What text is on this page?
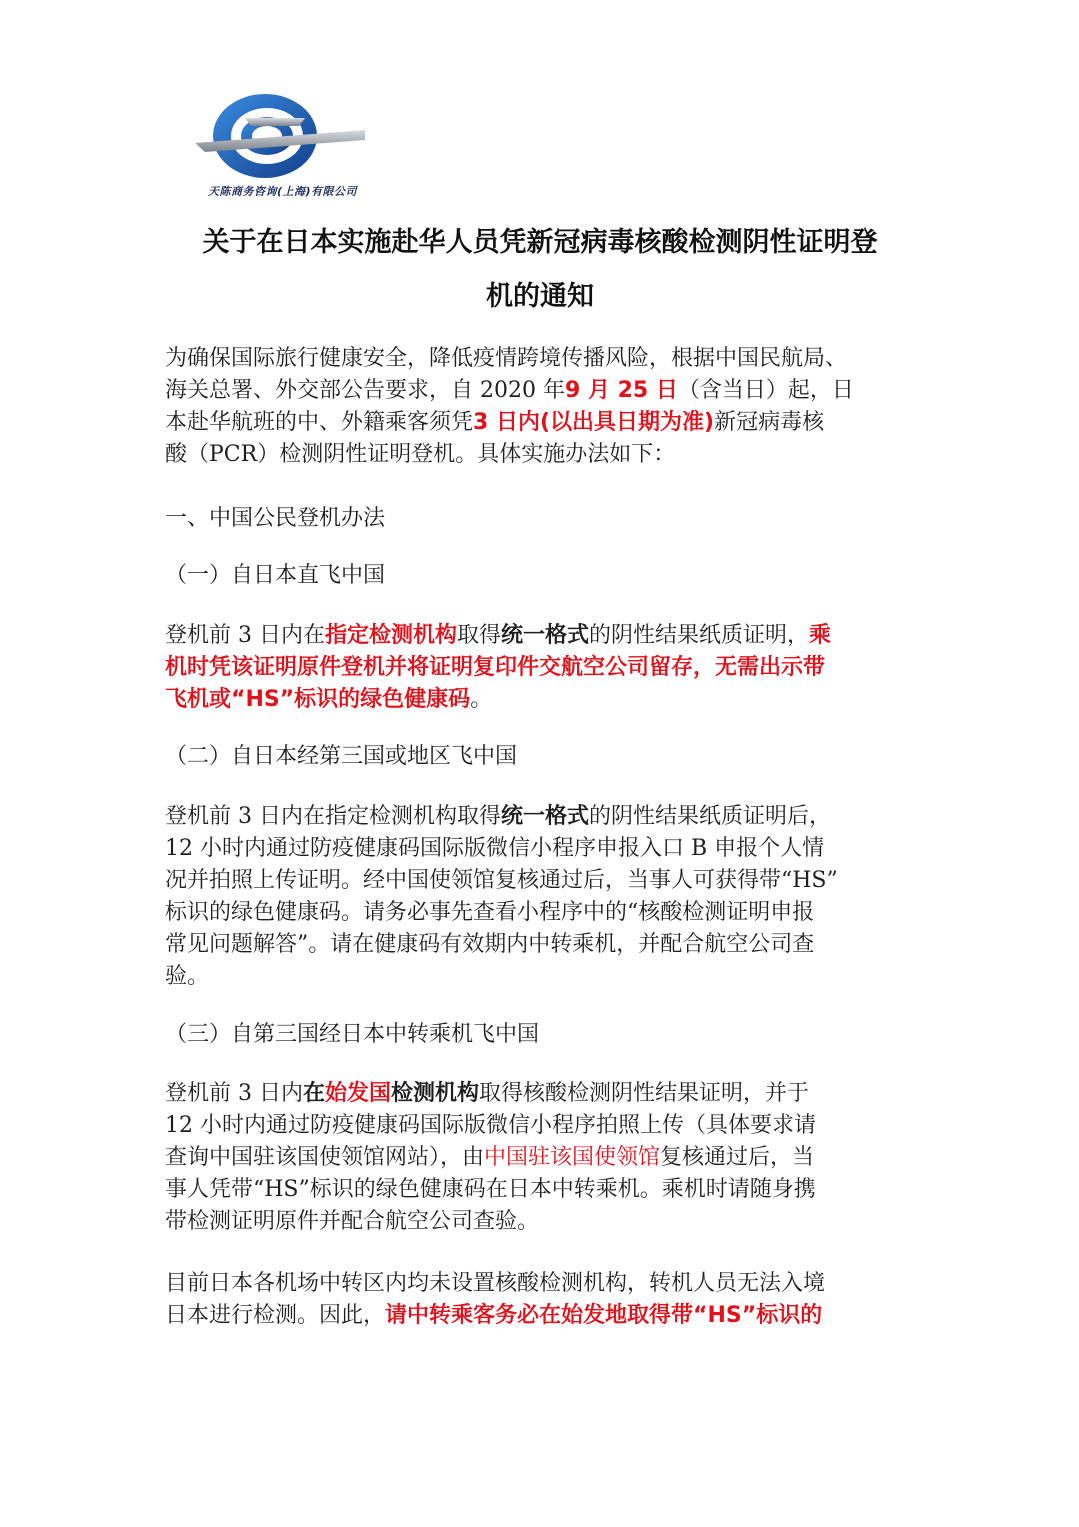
天陈商务咨询(上海)有限公司
关于在日本实施赴华人员凭新冠病毒核酸检测阴性证明登
机的通知
为确保国际旅行健康安全，降低疫情跨境传播风险，根据中国民航局、
海关总署、外交部公告要求，自 2020 年9 月 25 日（含当日）起，日
本赴华航班的中、外籍乘客须凭3 日内(以出具日期为准)新冠病毒核
酸（PCR）检测阴性证明登机。具体实施办法如下：
一、中国公民登机办法
（一）自日本直飞中国
登机前 3 日内在指定检测机构取得统一格式的阴性结果纸质证明，乘
机时凭该证明原件登机并将证明复印件交航空公司留存，无需出示带
飞机或“HS”标识的绿色健康码。
（二）自日本经第三国或地区飞中国
登机前 3 日内在指定检测机构取得统一格式的阴性结果纸质证明后，
12 小时内通过防疫健康码国际版微信小程序申报入口 B 申报个人情
况并拍照上传证明。经中国使领馆复核通过后，当事人可获得带“HS”
标识的绿色健康码。请务必事先查看小程序中的“核酸检测证明申报
常见问题解答”。请在健康码有效期内中转乘机，并配合航空公司查
验。
（三）自第三国经日本中转乘机飞中国
登机前 3 日内在始发国检测机构取得核酸检测阴性结果证明，并于
12 小时内通过防疫健康码国际版微信小程序拍照上传（具体要求请
查询中国驻该国使领馆网站），由中国驻该国使领馆复核通过后，当
事人凭带“HS”标识的绿色健康码在日本中转乘机。乘机时请随身携
带检测证明原件并配合航空公司查验。
目前日本各机场中转区内均未设置核酸检测机构，转机人员无法入境
日本进行检测。因此，请中转乘客务必在始发地取得带“HS”标识的
